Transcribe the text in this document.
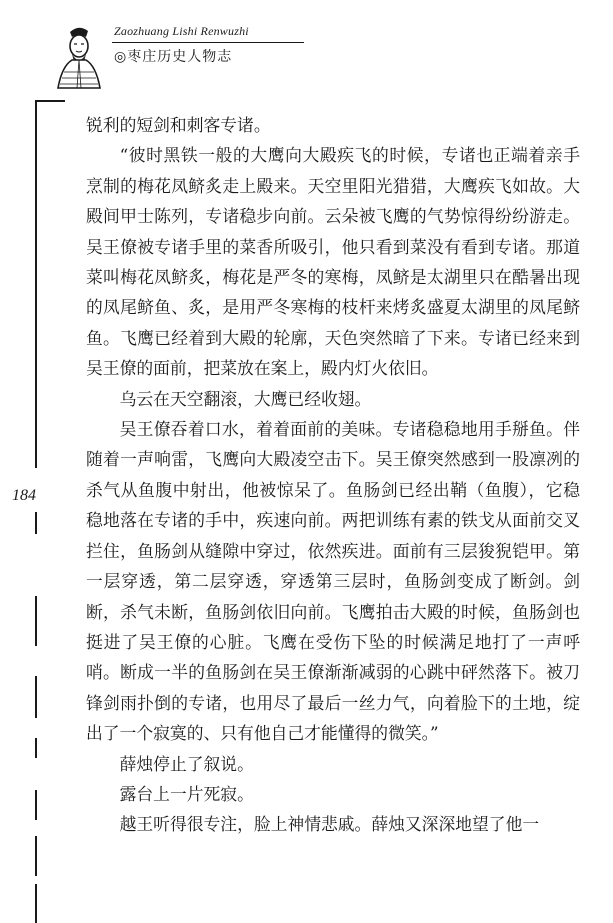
Zaozhuang Lishi Renwuzhi
◎枣庄历史人物志
184

锐利的短剑和刺客专诸。

“彼时黑铁一般的大鹰向大殿疾飞的时候，专诸也正端着亲手烹制的梅花凤鲚炙走上殿来。天空里阳光猎猎，大鹰疾飞如故。大殿间甲士陈列，专诸稳步向前。云朵被飞鹰的气势惊得纷纷游走。吴王僚被专诸手里的菜香所吸引，他只看到菜没有看到专诸。那道菜叫梅花凤鲚炙，梅花是严冬的寒梅，凤鲚是太湖里只在酷暑出现的凤尾鲚鱼、炙，是用严冬寒梅的枝杆来烤炙盛夏太湖里的凤尾鲚鱼。飞鹰已经着到大殿的轮廓，天色突然暗了下来。专诸已经来到吴王僚的面前，把菜放在案上，殿内灯火依旧。

乌云在天空翻滚，大鹰已经收翅。

吴王僚吞着口水，着着面前的美味。专诸稳稳地用手掰鱼。伴随着一声响雷，飞鹰向大殿凌空击下。吴王僚突然感到一股凛冽的杀气从鱼腹中射出，他被惊呆了。鱼肠剑已经出鞘（鱼腹），它稳稳地落在专诸的手中，疾速向前。两把训练有素的铁戈从面前交叉拦住，鱼肠剑从缝隙中穿过，依然疾进。面前有三层狻猊铠甲。第一层穿透，第二层穿透，穿透第三层时，鱼肠剑变成了断剑。剑断，杀气未断，鱼肠剑依旧向前。飞鹰拍击大殿的时候，鱼肠剑也挺进了吴王僚的心脏。飞鹰在受伤下坠的时候满足地打了一声呼哨。断成一半的鱼肠剑在吴王僚渐渐减弱的心跳中砰然落下。被刀锋剑雨扑倒的专诸，也用尽了最后一丝力气，向着脸下的土地，绽出了一个寂寞的、只有他自己才能懂得的微笑。”

薛烛停止了叙说。

露台上一片死寂。

越王听得很专注，脸上神情悲戚。薛烛又深深地望了他一
